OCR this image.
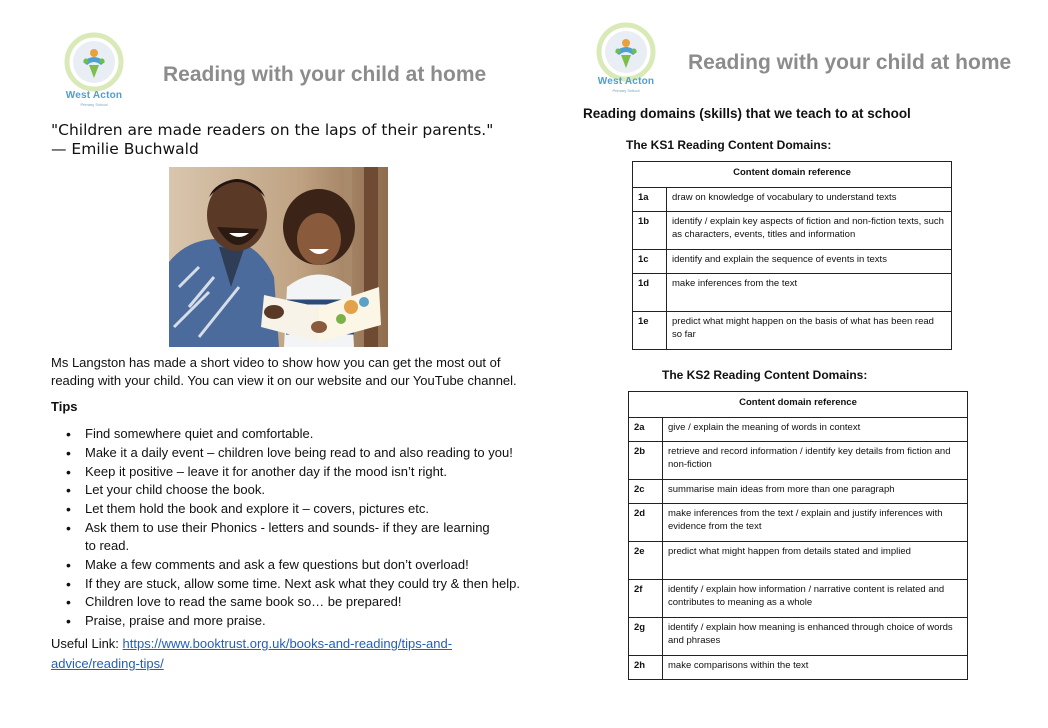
West Acton
Primary School
Reading with your child at home
"Children are made readers on the laps of their parents."
— Emilie Buchwald
Ms Langston has made a short video to show how you can get the most out of reading with your child. You can view it on our website and our YouTube channel.
Tips
• Find somewhere quiet and comfortable.
• Make it a daily event – children love being read to and also reading to you!
• Keep it positive – leave it for another day if the mood isn’t right.
• Let your child choose the book.
• Let them hold the book and explore it – covers, pictures etc.
• Ask them to use their Phonics - letters and sounds- if they are learning to read.
• Make a few comments and ask a few questions but don’t overload!
• If they are stuck, allow some time. Next ask what they could try & then help.
• Children love to read the same book so… be prepared!
• Praise, praise and more praise.
Useful Link: https://www.booktrust.org.uk/books-and-reading/tips-and-advice/reading-tips/
West Acton
Primary School
Reading with your child at home
Reading domains (skills) that we teach to at school
The KS1 Reading Content Domains:
Content domain reference	
1a	draw on knowledge of vocabulary to understand texts
1b	identify / explain key aspects of fiction and non-fiction texts, such as characters, events, titles and information
1c	identify and explain the sequence of events in texts
1d	make inferences from the text
1e	predict what might happen on the basis of what has been read so far
The KS2 Reading Content Domains:
Content domain reference	
2a	give / explain the meaning of words in context
2b	retrieve and record information / identify key details from fiction and non-fiction
2c	summarise main ideas from more than one paragraph
2d	make inferences from the text / explain and justify inferences with evidence from the text
2e	predict what might happen from details stated and implied
2f	identify / explain how information / narrative content is related and contributes to meaning as a whole
2g	identify / explain how meaning is enhanced through choice of words and phrases
2h	make comparisons within the text
